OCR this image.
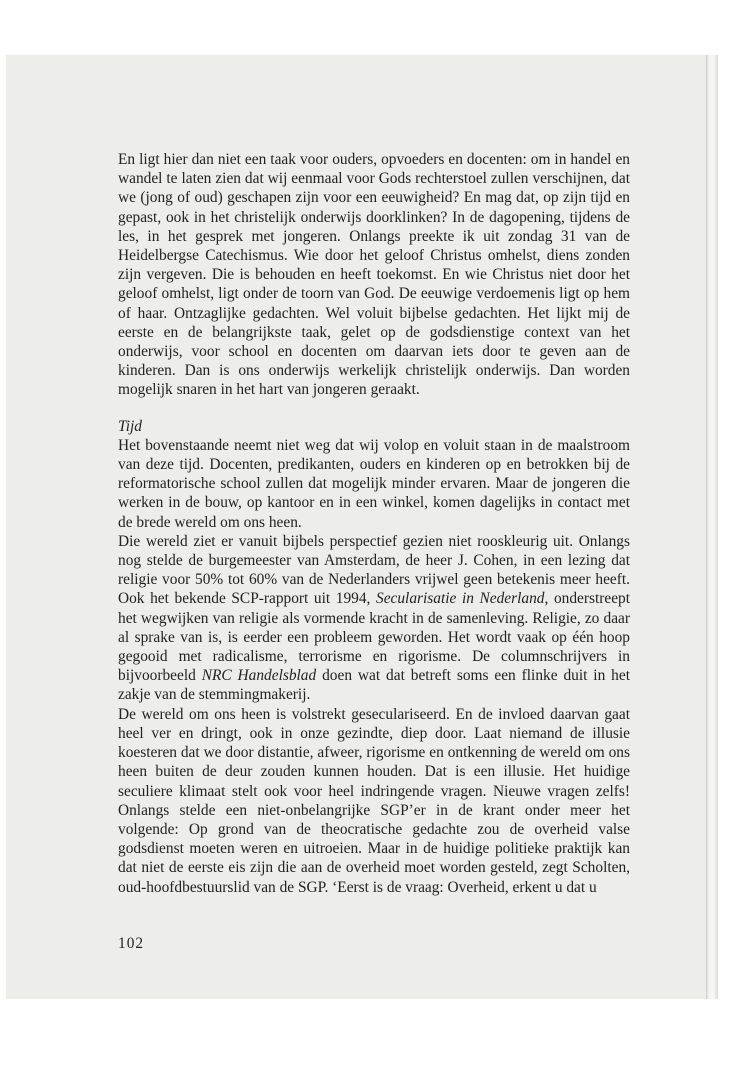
En ligt hier dan niet een taak voor ouders, opvoeders en docenten: om in handel en wandel te laten zien dat wij eenmaal voor Gods rechterstoel zullen verschijnen, dat we (jong of oud) geschapen zijn voor een eeuwigheid? En mag dat, op zijn tijd en gepast, ook in het christelijk onderwijs doorklinken? In de dagopening, tijdens de les, in het gesprek met jongeren. Onlangs preekte ik uit zondag 31 van de Heidelbergse Catechismus. Wie door het geloof Christus omhelst, diens zonden zijn vergeven. Die is behouden en heeft toekomst. En wie Christus niet door het geloof omhelst, ligt onder de toorn van God. De eeuwige verdoemenis ligt op hem of haar. Ontzaglijke gedachten. Wel voluit bijbelse gedachten. Het lijkt mij de eerste en de belangrijkste taak, gelet op de godsdienstige context van het onderwijs, voor school en docenten om daarvan iets door te geven aan de kinderen. Dan is ons onderwijs werkelijk christelijk onderwijs. Dan worden mogelijk snaren in het hart van jongeren geraakt.

Tijd

Het bovenstaande neemt niet weg dat wij volop en voluit staan in de maalstroom van deze tijd. Docenten, predikanten, ouders en kinderen op en betrokken bij de reformatorische school zullen dat mogelijk minder ervaren. Maar de jongeren die werken in de bouw, op kantoor en in een winkel, komen dagelijks in contact met de brede wereld om ons heen.

Die wereld ziet er vanuit bijbels perspectief gezien niet rooskleurig uit. Onlangs nog stelde de burgemeester van Amsterdam, de heer J. Cohen, in een lezing dat religie voor 50% tot 60% van de Nederlanders vrijwel geen betekenis meer heeft. Ook het bekende SCP-rapport uit 1994, Secularisatie in Nederland, onderstreept het wegwijken van religie als vormende kracht in de samenleving. Religie, zo daar al sprake van is, is eerder een probleem geworden. Het wordt vaak op één hoop gegooid met radicalisme, terrorisme en rigorisme. De columnschrijvers in bijvoorbeeld NRC Handelsblad doen wat dat betreft soms een flinke duit in het zakje van de stemmingmakerij.

De wereld om ons heen is volstrekt geseculariseerd. En de invloed daarvan gaat heel ver en dringt, ook in onze gezindte, diep door. Laat niemand de illusie koesteren dat we door distantie, afweer, rigorisme en ontkenning de wereld om ons heen buiten de deur zouden kunnen houden. Dat is een illusie. Het huidige seculiere klimaat stelt ook voor heel indringende vragen. Nieuwe vragen zelfs! Onlangs stelde een niet-onbelangrijke SGP’er in de krant onder meer het volgende: Op grond van de theocratische gedachte zou de overheid valse godsdienst moeten weren en uitroeien. Maar in de huidige politieke praktijk kan dat niet de eerste eis zijn die aan de overheid moet worden gesteld, zegt Scholten, oud-hoofdbestuurslid van de SGP. ‘Eerst is de vraag: Overheid, erkent u dat u

102
